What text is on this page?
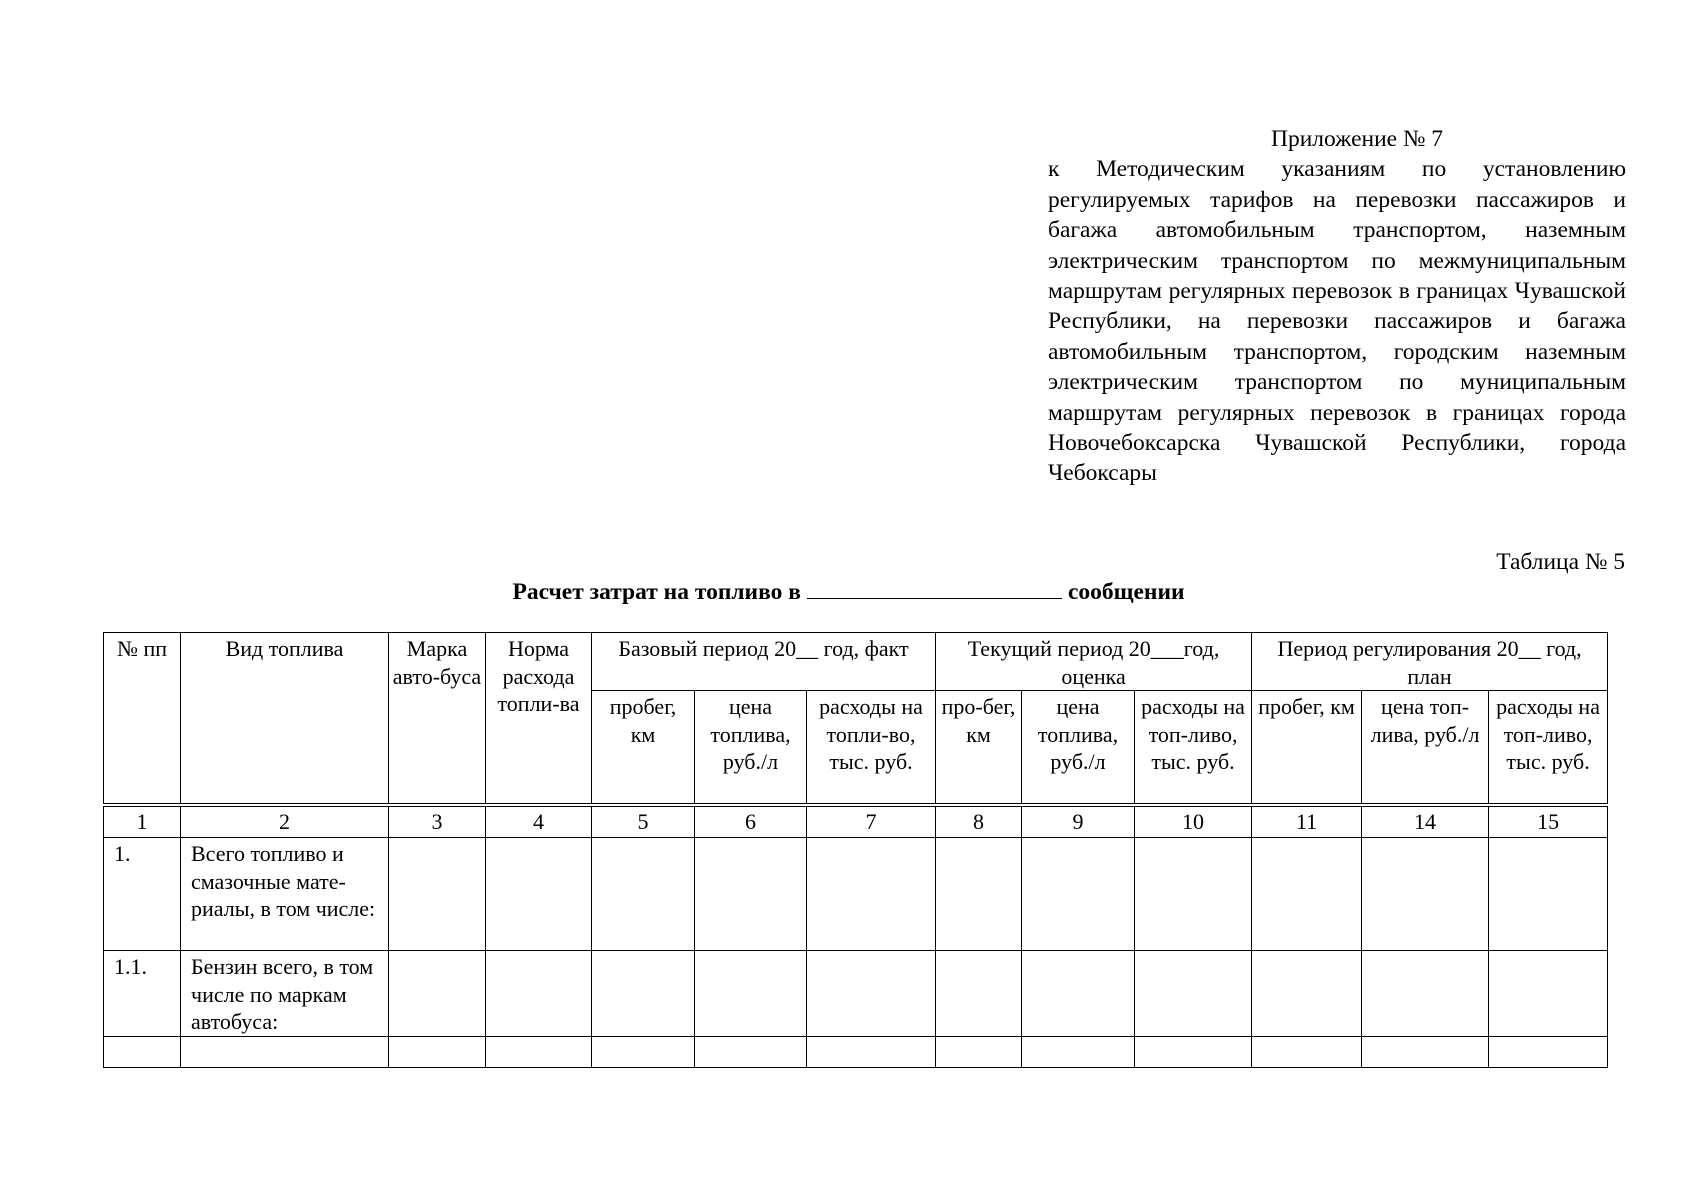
Приложение № 7
к Методическим указаниям по установлению регулируемых тарифов на перевозки пассажиров и багажа автомобильным транспортом, наземным электрическим транспортом по межмуниципальным маршрутам регулярных перевозок в границах Чувашской Республики, на перевозки пассажиров и багажа автомобильным транспортом, городским наземным электрическим транспортом по муниципальным маршрутам регулярных перевозок в границах города Новочебоксарска Чувашской Республики, города Чебоксары
Таблица № 5
Расчет затрат на топливо в	сообщении
№ пп	Вид топлива	Марка авто-буса	Норма расхода топли-ва	Базовый период 20__ год, факт			Текущий период 20___год, оценка			Период регулирования 20__ год, план		
				пробег, км	цена топлива, руб./л	расходы на топли-во, тыс. руб.	про-бег, км	цена топлива, руб./л	расходы на топ-ливо, тыс. руб.	пробег, км	цена топ-лива, руб./л	расходы на топ-ливо, тыс. руб.
1	2	3	4	5	6	7	8	9	10	11	14	15
1.	Всего топливо и смазочные мате-риалы, в том числе:											
1.1.	Бензин всего, в том числе по маркам автобуса:											
